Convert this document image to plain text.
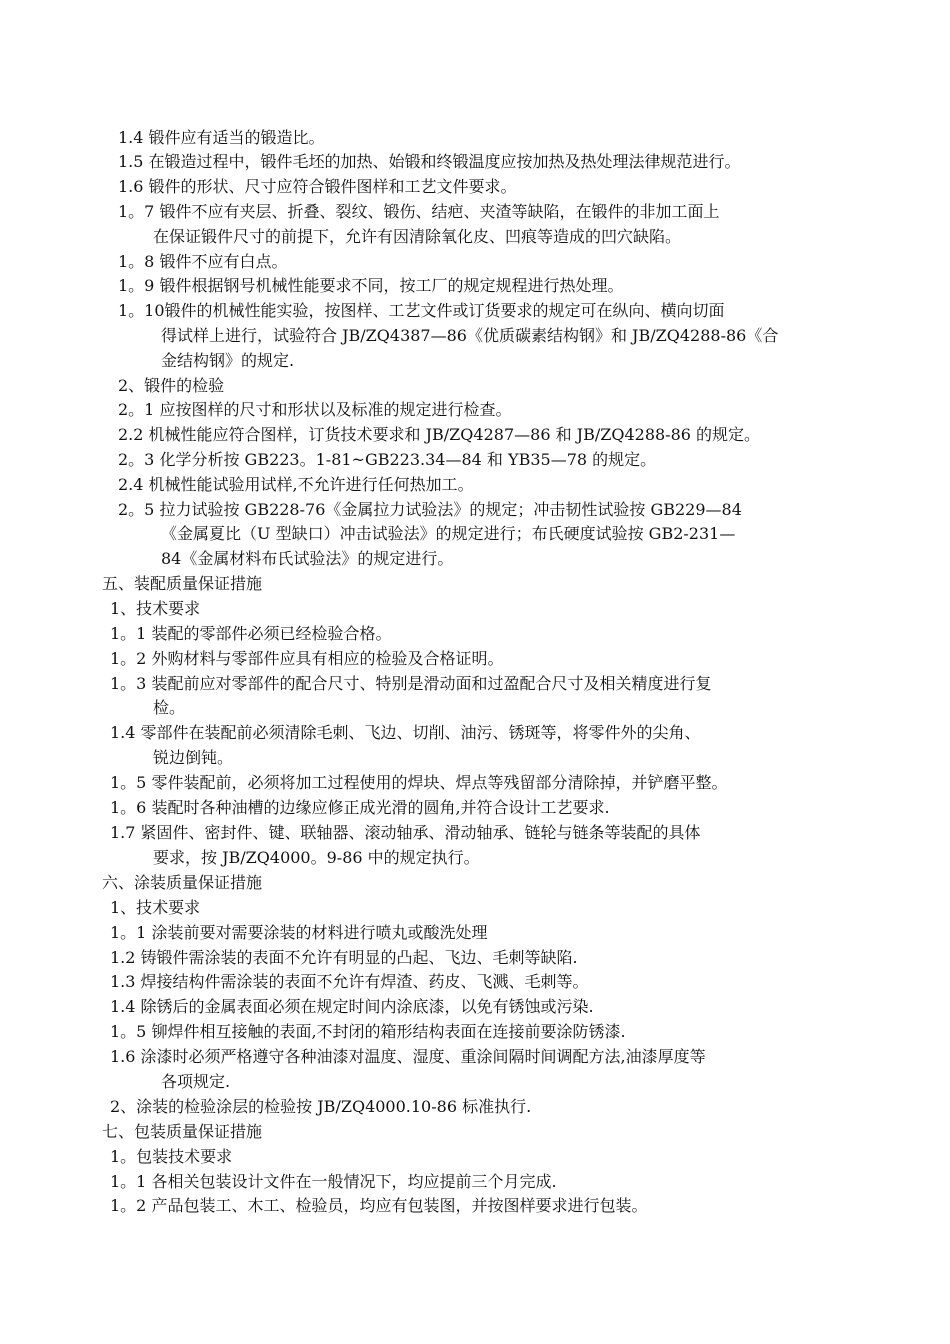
1.4 锻件应有适当的锻造比。
1.5 在锻造过程中，锻件毛坯的加热、始锻和终锻温度应按加热及热处理法律规范进行。
1.6 锻件的形状、尺寸应符合锻件图样和工艺文件要求。
1。7 锻件不应有夹层、折叠、裂纹、锻伤、结疤、夹渣等缺陷，在锻件的非加工面上
在保证锻件尺寸的前提下，允许有因清除氧化皮、凹痕等造成的凹穴缺陷。
1。8 锻件不应有白点。
1。9 锻件根据钢号机械性能要求不同，按工厂的规定规程进行热处理。
1。10锻件的机械性能实验，按图样、工艺文件或订货要求的规定可在纵向、横向切面
得试样上进行，试验符合 JB/ZQ4387—86《优质碳素结构钢》和 JB/ZQ4288-86《合
金结构钢》的规定.
2、锻件的检验
2。1 应按图样的尺寸和形状以及标准的规定进行检查。
2.2 机械性能应符合图样，订货技术要求和 JB/ZQ4287—86 和 JB/ZQ4288-86 的规定。
2。3 化学分析按 GB223。1-81~GB223.34—84 和 YB35—78 的规定。
2.4 机械性能试验用试样,不允许进行任何热加工。
2。5 拉力试验按 GB228-76《金属拉力试验法》的规定；冲击韧性试验按 GB229—84
《金属夏比（U 型缺口）冲击试验法》的规定进行；布氏硬度试验按 GB2-231—
84《金属材料布氏试验法》的规定进行。
五、装配质量保证措施
1、技术要求
1。1 装配的零部件必须已经检验合格。
1。2 外购材料与零部件应具有相应的检验及合格证明。
1。3 装配前应对零部件的配合尺寸、特别是滑动面和过盈配合尺寸及相关精度进行复
检。
1.4 零部件在装配前必须清除毛刺、飞边、切削、油污、锈斑等，将零件外的尖角、
锐边倒钝。
1。5 零件装配前，必须将加工过程使用的焊块、焊点等残留部分清除掉，并铲磨平整。
1。6 装配时各种油槽的边缘应修正成光滑的圆角,并符合设计工艺要求.
1.7 紧固件、密封件、键、联轴器、滚动轴承、滑动轴承、链轮与链条等装配的具体
要求，按 JB/ZQ4000。9-86 中的规定执行。
六、涂装质量保证措施
1、技术要求
1。1 涂装前要对需要涂装的材料进行喷丸或酸洗处理
1.2 铸锻件需涂装的表面不允许有明显的凸起、飞边、毛刺等缺陷.
1.3 焊接结构件需涂装的表面不允许有焊渣、药皮、飞溅、毛刺等。
1.4 除锈后的金属表面必须在规定时间内涂底漆，以免有锈蚀或污染.
1。5 铆焊件相互接触的表面,不封闭的箱形结构表面在连接前要涂防锈漆.
1.6 涂漆时必须严格遵守各种油漆对温度、湿度、重涂间隔时间调配方法,油漆厚度等
各项规定.
2、涂装的检验涂层的检验按 JB/ZQ4000.10-86 标准执行.
七、包装质量保证措施
1。包装技术要求
1。1 各相关包装设计文件在一般情况下，均应提前三个月完成.
1。2 产品包装工、木工、检验员，均应有包装图，并按图样要求进行包装。
